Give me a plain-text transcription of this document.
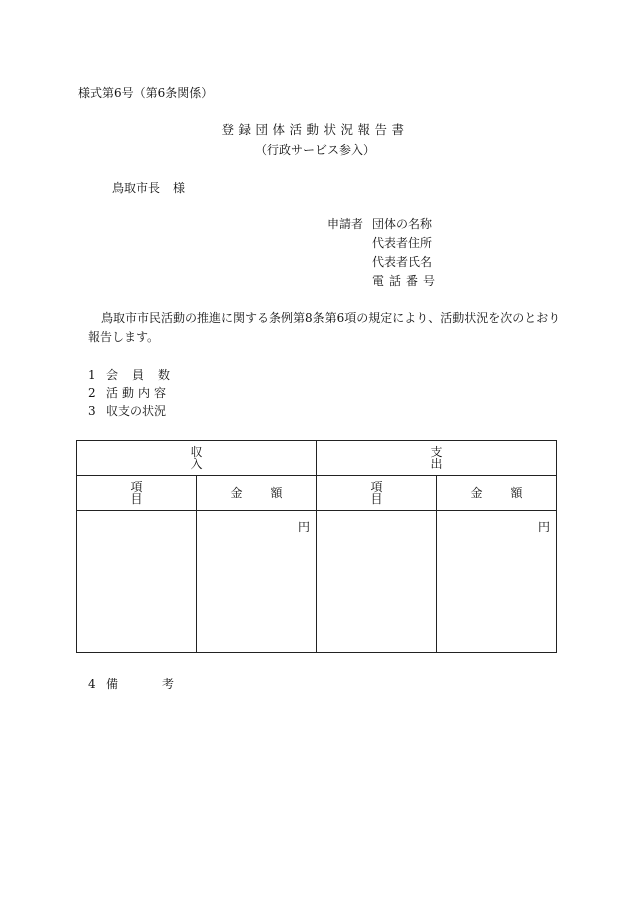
様式第6号（第6条関係）
登録団体活動状況報告書
（行政サービス参入）
鳥取市長 様
申請者 団体の名称
代表者住所
代表者氏名
電話番号
鳥取市市民活動の推進に関する条例第8条第6項の規定により、活動状況を次のとおり
報告します。
1 会員数
2 活動内容
3 収支の状況
収入		支出	
項目	金額	項目	金額

	円		円
4 備考
